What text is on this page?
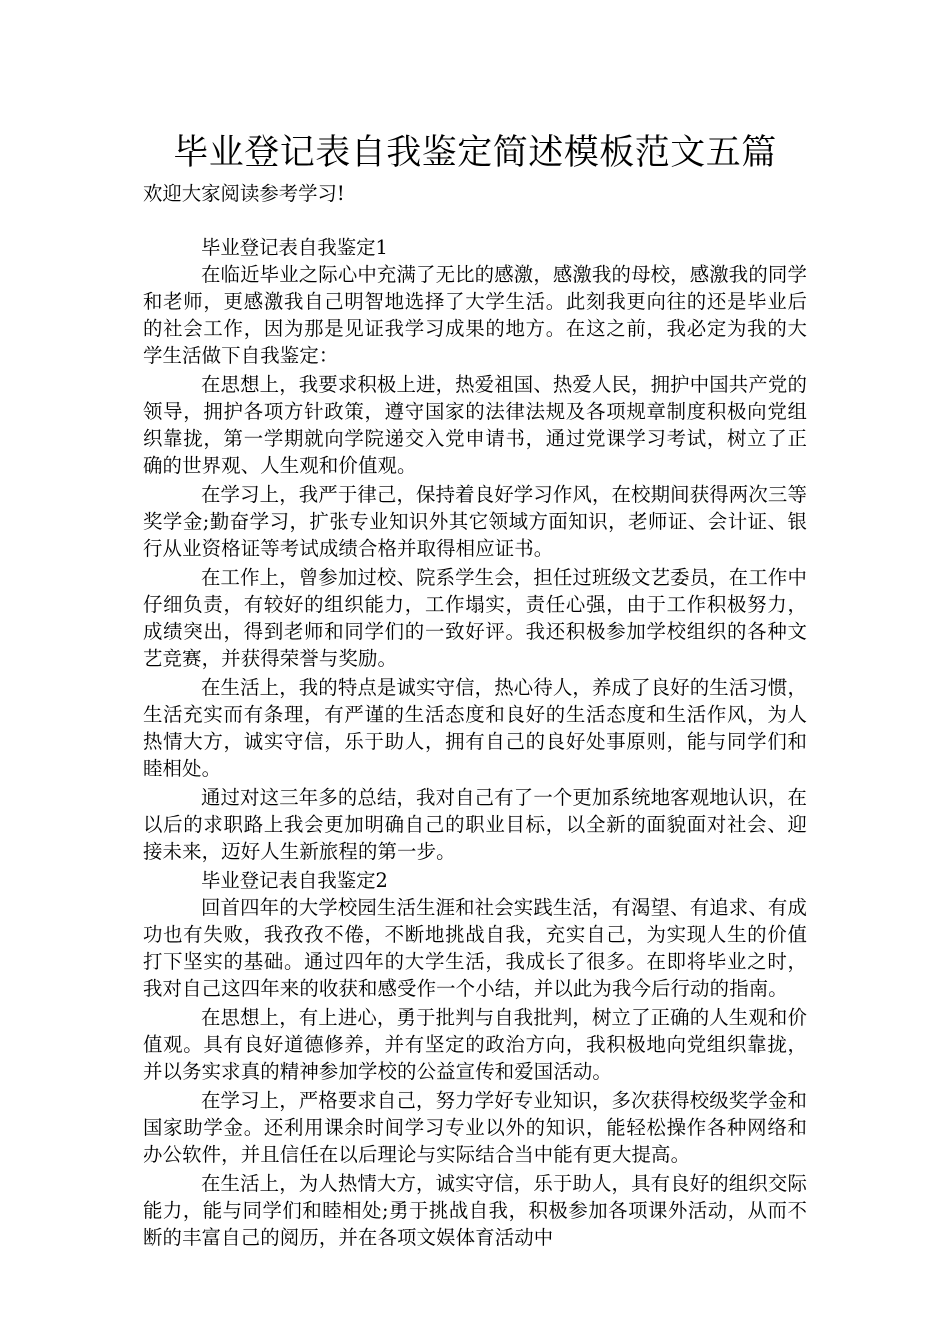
毕业登记表自我鉴定简述模板范文五篇

欢迎大家阅读参考学习!

毕业登记表自我鉴定1

在临近毕业之际心中充满了无比的感激，感激我的母校，感激我的同学和老师，更感激我自己明智地选择了大学生活。此刻我更向往的还是毕业后的社会工作，因为那是见证我学习成果的地方。在这之前，我必定为我的大学生活做下自我鉴定：

在思想上，我要求积极上进，热爱祖国、热爱人民，拥护中国共产党的领导，拥护各项方针政策，遵守国家的法律法规及各项规章制度积极向党组织靠拢，第一学期就向学院递交入党申请书，通过党课学习考试，树立了正确的世界观、人生观和价值观。

在学习上，我严于律己，保持着良好学习作风，在校期间获得两次三等奖学金;勤奋学习，扩张专业知识外其它领域方面知识，老师证、会计证、银行从业资格证等考试成绩合格并取得相应证书。

在工作上，曾参加过校、院系学生会，担任过班级文艺委员，在工作中仔细负责，有较好的组织能力，工作塌实，责任心强，由于工作积极努力，成绩突出，得到老师和同学们的一致好评。我还积极参加学校组织的各种文艺竞赛，并获得荣誉与奖励。

在生活上，我的特点是诚实守信，热心待人，养成了良好的生活习惯，生活充实而有条理，有严谨的生活态度和良好的生活态度和生活作风，为人热情大方，诚实守信，乐于助人，拥有自己的良好处事原则，能与同学们和睦相处。

通过对这三年多的总结，我对自己有了一个更加系统地客观地认识，在以后的求职路上我会更加明确自己的职业目标，以全新的面貌面对社会、迎接未来，迈好人生新旅程的第一步。

毕业登记表自我鉴定2

回首四年的大学校园生活生涯和社会实践生活，有渴望、有追求、有成功也有失败，我孜孜不倦，不断地挑战自我，充实自己，为实现人生的价值打下坚实的基础。通过四年的大学生活，我成长了很多。在即将毕业之时，我对自己这四年来的收获和感受作一个小结，并以此为我今后行动的指南。

在思想上，有上进心，勇于批判与自我批判，树立了正确的人生观和价值观。具有良好道德修养，并有坚定的政治方向，我积极地向党组织靠拢，并以务实求真的精神参加学校的公益宣传和爱国活动。

在学习上，严格要求自己，努力学好专业知识，多次获得校级奖学金和国家助学金。还利用课余时间学习专业以外的知识，能轻松操作各种网络和办公软件，并且信任在以后理论与实际结合当中能有更大提高。

在生活上，为人热情大方，诚实守信，乐于助人，具有良好的组织交际能力，能与同学们和睦相处;勇于挑战自我，积极参加各项课外活动，从而不断的丰富自己的阅历，并在各项文娱体育活动中
